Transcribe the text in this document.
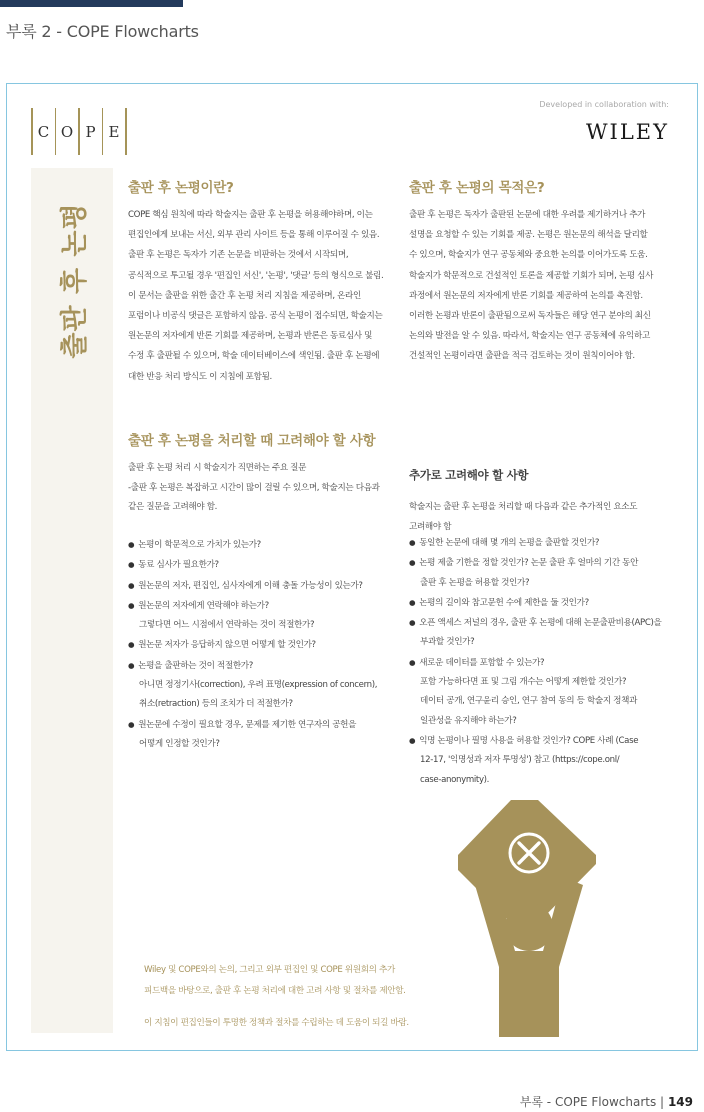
부록 2 - COPE Flowcharts
C O P E
Developed in collaboration with:
WILEY
출판 후 논평
출판 후 논평이란?
COPE 핵심 원칙에 따라 학술지는 출판 후 논평을 허용해야하며, 이는
편집인에게 보내는 서신, 외부 관리 사이트 등을 통해 이루어질 수 있음.
출판 후 논평은 독자가 기존 논문을 비판하는 것에서 시작되며,
공식적으로 투고될 경우 '편집인 서신', '논평', '댓글' 등의 형식으로 불림.
이 문서는 출판을 위한 출간 후 논평 처리 지침을 제공하며, 온라인
포럼이나 비공식 댓글은 포함하지 않음. 공식 논평이 접수되면, 학술지는
원논문의 저자에게 반론 기회를 제공하며, 논평과 반론은 동료심사 및
수정 후 출판될 수 있으며, 학술 데이터베이스에 색인됨. 출판 후 논평에
대한 반응 처리 방식도 이 지침에 포함됨.
출판 후 논평의 목적은?
출판 후 논평은 독자가 출판된 논문에 대한 우려를 제기하거나 추가
설명을 요청할 수 있는 기회를 제공. 논평은 원논문의 해석을 달리할
수 있으며, 학술지가 연구 공동체와 중요한 논의를 이어가도록 도움.
학술지가 학문적으로 건설적인 토론을 제공할 기회가 되며, 논평 심사
과정에서 원논문의 저자에게 반론 기회를 제공하여 논의를 촉진함.
이러한 논평과 반론이 출판됨으로써 독자들은 해당 연구 분야의 최신
논의와 발전을 알 수 있음. 따라서, 학술지는 연구 공동체에 유익하고
건설적인 논평이라면 출판을 적극 검토하는 것이 원칙이어야 함.
출판 후 논평을 처리할 때 고려해야 할 사항
출판 후 논평 처리 시 학술지가 직면하는 주요 질문
-출판 후 논평은 복잡하고 시간이 많이 걸릴 수 있으며, 학술지는 다음과
같은 질문을 고려해야 함.
● 논평이 학문적으로 가치가 있는가?
● 동료 심사가 필요한가?
● 원논문의 저자, 편집인, 심사자에게 이해 충돌 가능성이 있는가?
● 원논문의 저자에게 연락해야 하는가?
그렇다면 어느 시점에서 연락하는 것이 적절한가?
● 원논문 저자가 응답하지 않으면 어떻게 할 것인가?
● 논평을 출판하는 것이 적절한가?
아니면 정정기사(correction), 우려 표명(expression of concern),
취소(retraction) 등의 조치가 더 적절한가?
● 원논문에 수정이 필요할 경우, 문제를 제기한 연구자의 공헌을
어떻게 인정할 것인가?
추가로 고려해야 할 사항
학술지는 출판 후 논평을 처리할 때 다음과 같은 추가적인 요소도
고려해야 함
● 동일한 논문에 대해 몇 개의 논평을 출판할 것인가?
● 논평 제출 기한을 정할 것인가? 논문 출판 후 얼마의 기간 동안
출판 후 논평을 허용할 것인가?
● 논평의 길이와 참고문헌 수에 제한을 둘 것인가?
● 오픈 액세스 저널의 경우, 출판 후 논평에 대해 논문출판비용(APC)을
부과할 것인가?
● 새로운 데이터를 포함할 수 있는가?
포함 가능하다면 표 및 그림 개수는 어떻게 제한할 것인가?
데이터 공개, 연구윤리 승인, 연구 참여 동의 등 학술지 정책과
일관성을 유지해야 하는가?
● 익명 논평이나 필명 사용을 허용할 것인가? COPE 사례 (Case
12-17, '익명성과 저자 투명성') 참고 (https://cope.onl/
case-anonymity).
Wiley 및 COPE와의 논의, 그리고 외부 편집인 및 COPE 위원회의 추가
피드백을 바탕으로, 출판 후 논평 처리에 대한 고려 사항 및 절차를 제안함.
이 지침이 편집인들이 투명한 정책과 절차를 수립하는 데 도움이 되길 바람.
부록 - COPE Flowcharts | 149
